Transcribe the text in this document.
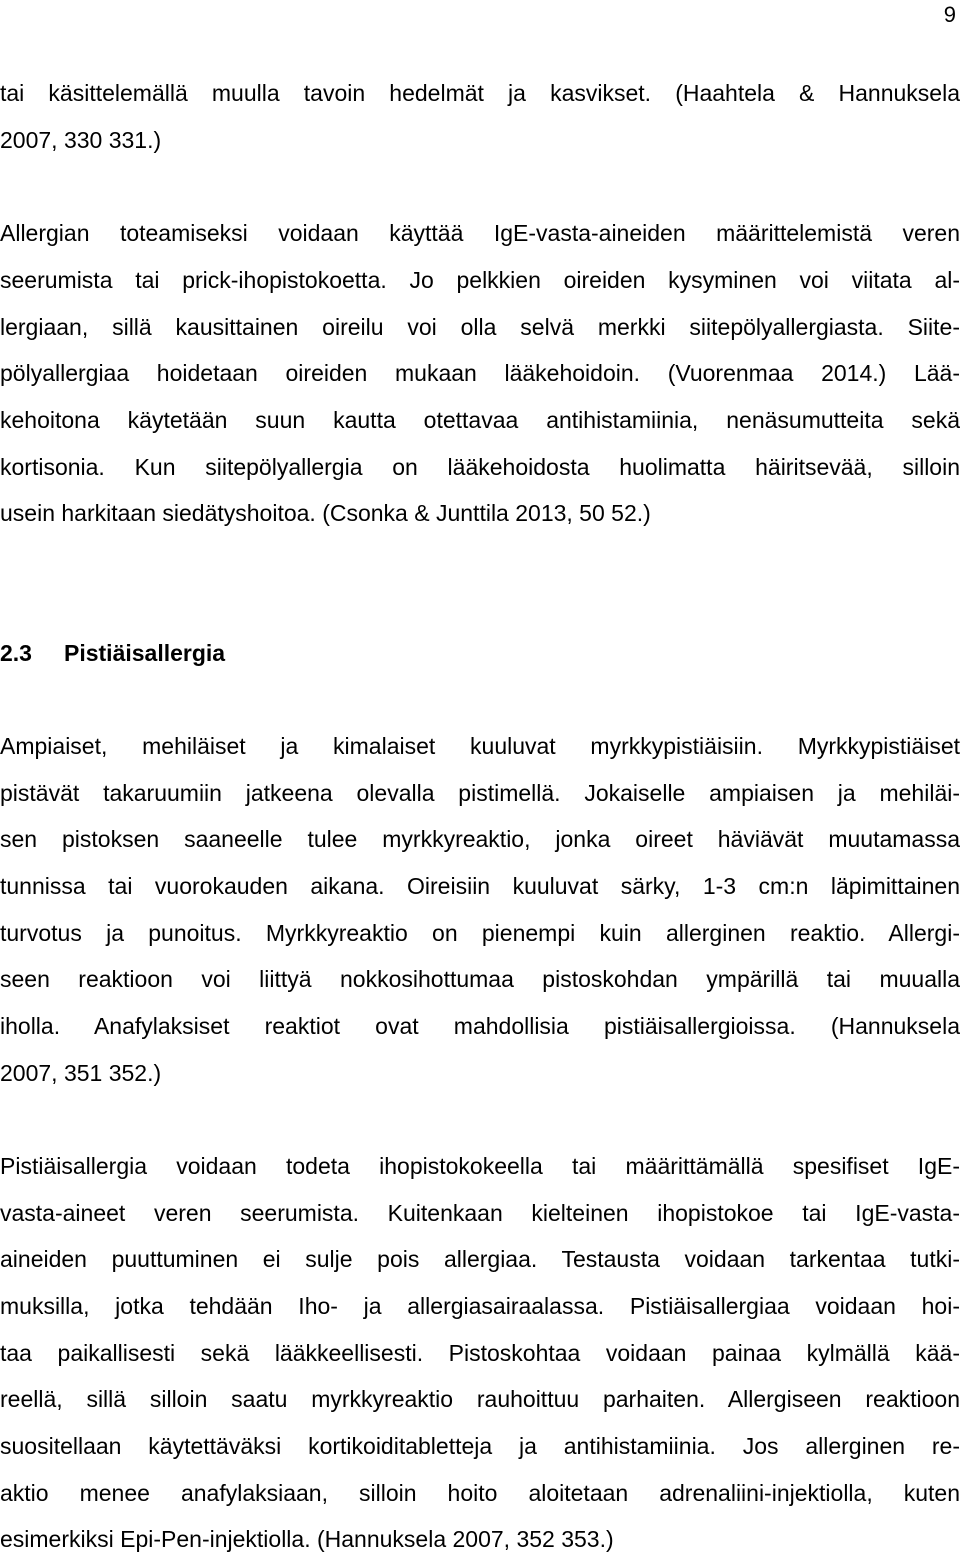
9
tai käsittelemällä muulla tavoin hedelmät ja kasvikset. (Haahtela & Hannuksela
2007, 330 331.)
Allergian toteamiseksi voidaan käyttää IgE-vasta-aineiden määrittelemistä veren
seerumista tai prick-ihopistokoetta. Jo pelkkien oireiden kysyminen voi viitata al-
lergiaan, sillä kausittainen oireilu voi olla selvä merkki siitepölyallergiasta. Siite-
pölyallergiaa hoidetaan oireiden mukaan lääkehoidoin. (Vuorenmaa 2014.) Lää-
kehoitona käytetään suun kautta otettavaa antihistamiinia, nenäsumutteita sekä
kortisonia. Kun siitepölyallergia on lääkehoidosta huolimatta häiritsevää, silloin
usein harkitaan siedätyshoitoa. (Csonka & Junttila 2013, 50 52.)
2.3 Pistiäisallergia
Ampiaiset, mehiläiset ja kimalaiset kuuluvat myrkkypistiäisiin. Myrkkypistiäiset
pistävät takaruumiin jatkeena olevalla pistimellä. Jokaiselle ampiaisen ja mehiläi-
sen pistoksen saaneelle tulee myrkkyreaktio, jonka oireet häviävät muutamassa
tunnissa tai vuorokauden aikana. Oireisiin kuuluvat särky, 1-3 cm:n läpimittainen
turvotus ja punoitus. Myrkkyreaktio on pienempi kuin allerginen reaktio. Allergi-
seen reaktioon voi liittyä nokkosihottumaa pistoskohdan ympärillä tai muualla
iholla. Anafylaksiset reaktiot ovat mahdollisia pistiäisallergioissa. (Hannuksela
2007, 351 352.)
Pistiäisallergia voidaan todeta ihopistokokeella tai määrittämällä spesifiset IgE-
vasta-aineet veren seerumista. Kuitenkaan kielteinen ihopistokoe tai IgE-vasta-
aineiden puuttuminen ei sulje pois allergiaa. Testausta voidaan tarkentaa tutki-
muksilla, jotka tehdään Iho- ja allergiasairaalassa. Pistiäisallergiaa voidaan hoi-
taa paikallisesti sekä lääkkeellisesti. Pistoskohtaa voidaan painaa kylmällä kää-
reellä, sillä silloin saatu myrkkyreaktio rauhoittuu parhaiten. Allergiseen reaktioon
suositellaan käytettäväksi kortikoiditabletteja ja antihistamiinia. Jos allerginen re-
aktio menee anafylaksiaan, silloin hoito aloitetaan adrenaliini-injektiolla, kuten
esimerkiksi Epi-Pen-injektiolla. (Hannuksela 2007, 352 353.)
